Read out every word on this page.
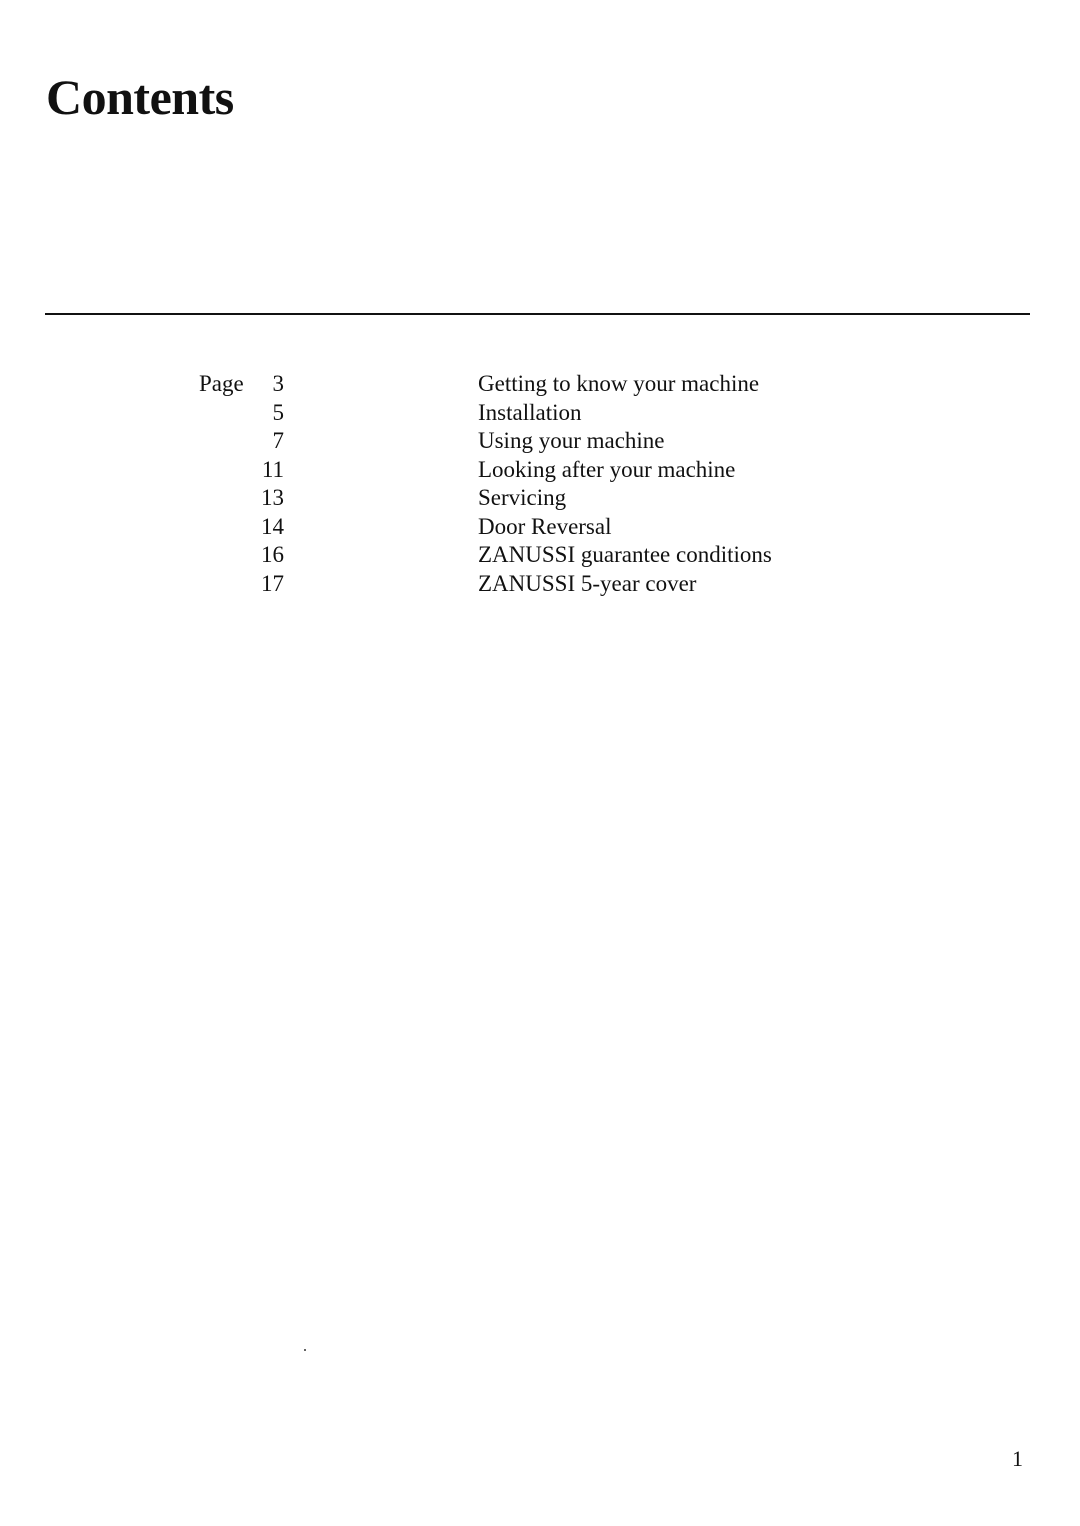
Contents
Page 3	Getting to know your machine
5	Installation
7	Using your machine
11	Looking after your machine
13	Servicing
14	Door Reversal
16	ZANUSSI guarantee conditions
17	ZANUSSI 5-year cover
1
